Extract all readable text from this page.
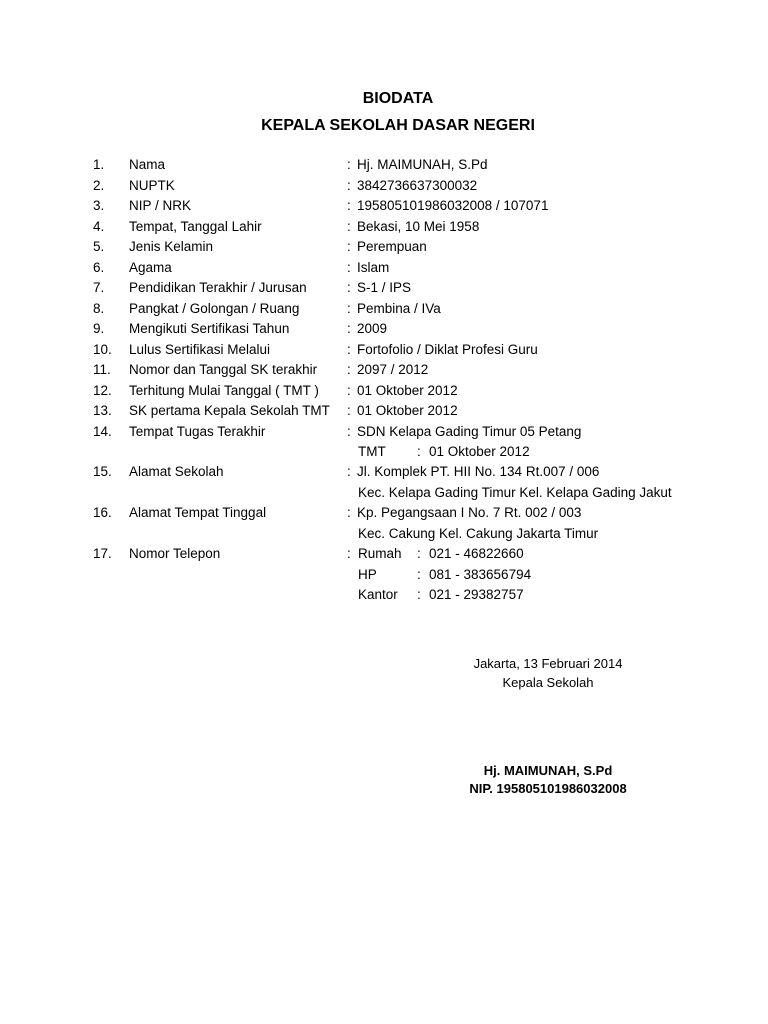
BIODATA
KEPALA SEKOLAH DASAR NEGERI
1. Nama	: Hj. MAIMUNAH, S.Pd
2. NUPTK	: 3842736637300032
3. NIP / NRK	: 195805101986032008 / 107071
4. Tempat, Tanggal Lahir	: Bekasi, 10 Mei 1958
5. Jenis Kelamin	: Perempuan
6. Agama	: Islam
7. Pendidikan Terakhir / Jurusan	: S-1 / IPS
8. Pangkat / Golongan / Ruang	: Pembina / IVa
9. Mengikuti Sertifikasi Tahun	: 2009
10. Lulus Sertifikasi Melalui	: Fortofolio / Diklat Profesi Guru
11. Nomor dan Tanggal SK terakhir : 2097 / 2012
12. Terhitung Mulai Tanggal ( TMT ) : 01 Oktober 2012
13. SK pertama Kepala Sekolah TMT : 01 Oktober 2012
14. Tempat Tugas Terakhir	: SDN Kelapa Gading Timur 05 Petang
TMT : 01 Oktober 2012
15. Alamat Sekolah	: Jl. Komplek PT. HII No. 134 Rt.007 / 006
Kec. Kelapa Gading Timur Kel. Kelapa Gading Jakut
16. Alamat Tempat Tinggal	: Kp. Pegangsaan I No. 7 Rt. 002 / 003
Kec. Cakung Kel. Cakung Jakarta Timur
17. Nomor Telepon	: Rumah : 021 - 46822660
HP	: 081 - 383656794
Kantor : 021 - 29382757
Jakarta, 13 Februari 2014
Kepala Sekolah
Hj. MAIMUNAH, S.Pd
NIP. 195805101986032008
